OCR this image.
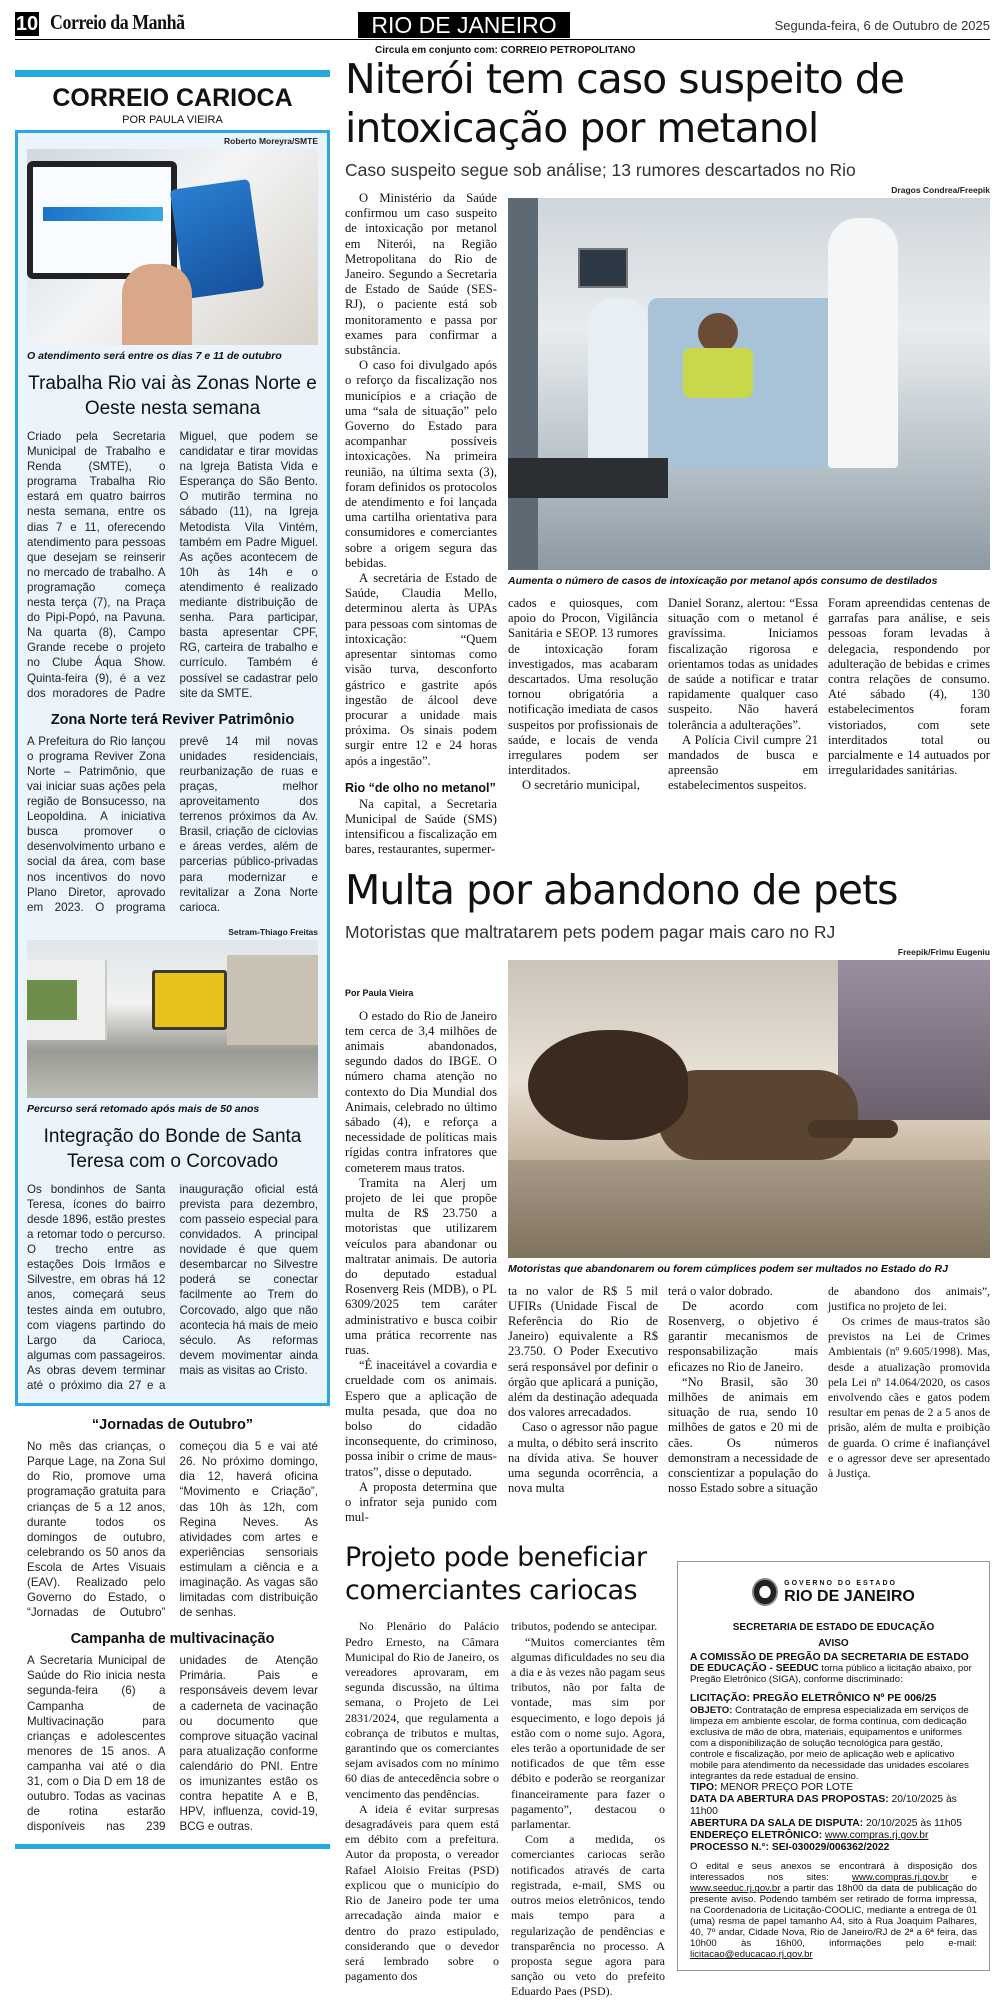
10 Correio da Manhã	RIO DE JANEIRO	Segunda-feira, 6 de Outubro de 2025
Circula em conjunto com: CORREIO PETROPOLITANO
CORREIO CARIOCA
POR PAULA VIEIRA
Roberto Moreyra/SMTE
O atendimento será entre os dias 7 e 11 de outubro
Trabalha Rio vai às Zonas Norte e Oeste nesta semana
Criado pela Secretaria Municipal de Trabalho e Renda (SMTE), o programa Trabalha Rio estará em quatro bairros nesta semana, entre os dias 7 e 11, oferecendo atendimento para pessoas que desejam se reinserir no mercado de trabalho. A programação começa nesta terça (7), na Praça do Pipi-Popó, na Pavuna. Na quarta (8), Campo Grande recebe o projeto no Clube Áqua Show. Quinta-feira (9), é a vez dos moradores de Padre Miguel, que podem se candidatar e tirar movidas na Igreja Batista Vida e Esperança do São Bento. O mutirão termina no sábado (11), na Igreja Metodista Vila Vintém, também em Padre Miguel. As ações acontecem de 10h às 14h e o atendimento é realizado mediante distribuição de senha. Para participar, basta apresentar CPF, RG, carteira de trabalho e currículo. Também é possível se cadastrar pelo site da SMTE.
Zona Norte terá Reviver Patrimônio
A Prefeitura do Rio lançou o programa Reviver Zona Norte – Patrimônio, que vai iniciar suas ações pela região de Bonsucesso, na Leopoldina. A iniciativa busca promover o desenvolvimento urbano e social da área, com base nos incentivos do novo Plano Diretor, aprovado em 2023. O programa prevê 14 mil novas unidades residenciais, reurbanização de ruas e praças, melhor aproveitamento dos terrenos próximos da Av. Brasil, criação de ciclovias e áreas verdes, além de parcerias público-privadas para modernizar e revitalizar a Zona Norte carioca.
Setram-Thiago Freitas
Percurso será retomado após mais de 50 anos
Integração do Bonde de Santa Teresa com o Corcovado
Os bondinhos de Santa Teresa, ícones do bairro desde 1896, estão prestes a retomar todo o percurso. O trecho entre as estações Dois Irmãos e Silvestre, em obras há 12 anos, começará seus testes ainda em outubro, com viagens partindo do Largo da Carioca, algumas com passageiros. As obras devem terminar até o próximo dia 27 e a inauguração oficial está prevista para dezembro, com passeio especial para convidados. A principal novidade é que quem desembarcar no Silvestre poderá se conectar facilmente ao Trem do Corcovado, algo que não acontecia há mais de meio século. As reformas devem movimentar ainda mais as visitas ao Cristo.
“Jornadas de Outubro”
No mês das crianças, o Parque Lage, na Zona Sul do Rio, promove uma programação gratuita para crianças de 5 a 12 anos, durante todos os domingos de outubro, celebrando os 50 anos da Escola de Artes Visuais (EAV). Realizado pelo Governo do Estado, o “Jornadas de Outubro” começou dia 5 e vai até 26. No próximo domingo, dia 12, haverá oficina “Movimento e Criação”, das 10h às 12h, com Regina Neves. As atividades com artes e experiências sensoriais estimulam a ciência e a imaginação. As vagas são limitadas com distribuição de senhas.
Campanha de multivacinação
A Secretaria Municipal de Saúde do Rio inicia nesta segunda-feira (6) a Campanha de Multivacinação para crianças e adolescentes menores de 15 anos. A campanha vai até o dia 31, com o Dia D em 18 de outubro. Todas as vacinas de rotina estarão disponíveis nas 239 unidades de Atenção Primária. Pais e responsáveis devem levar a caderneta de vacinação ou documento que comprove situação vacinal para atualização conforme calendário do PNI. Entre os imunizantes estão os contra hepatite A e B, HPV, influenza, covid-19, BCG e outras.
Niterói tem caso suspeito de intoxicação por metanol
Caso suspeito segue sob análise; 13 rumores descartados no Rio

O Ministério da Saúde confirmou um caso suspeito de intoxicação por metanol em Niterói, na Região Metropolitana do Rio de Janeiro. Segundo a Secretaria de Estado de Saúde (SES-RJ), o paciente está sob monitoramento e passa por exames para confirmar a substância.

O caso foi divulgado após o reforço da fiscalização nos municípios e a criação de uma “sala de situação” pelo Governo do Estado para acompanhar possíveis intoxicações. Na primeira reunião, na última sexta (3), foram definidos os protocolos de atendimento e foi lançada uma cartilha orientativa para consumidores e comerciantes sobre a origem segura das bebidas.

A secretária de Estado de Saúde, Claudia Mello, determinou alerta às UPAs para pessoas com sintomas de intoxicação: “Quem apresentar sintomas como visão turva, desconforto gástrico e gastrite após ingestão de álcool deve procurar a unidade mais próxima. Os sinais podem surgir entre 12 e 24 horas após a ingestão”.

Rio “de olho no metanol”

Na capital, a Secretaria Municipal de Saúde (SMS) intensificou a fiscalização em bares, restaurantes, supermer-

Dragos Condrea/Freepik
Aumenta o número de casos de intoxicação por metanol após consumo de destilados

cados e quiosques, com apoio do Procon, Vigilância Sanitária e SEOP. 13 rumores de intoxicação foram investigados, mas acabaram descartados. Uma resolução tornou obrigatória a notificação imediata de casos suspeitos por profissionais de saúde, e locais de venda irregulares podem ser interditados.

O secretário municipal,

Daniel Soranz, alertou: “Essa situação com o metanol é gravíssima. Iniciamos fiscalização rigorosa e orientamos todas as unidades de saúde a notificar e tratar rapidamente qualquer caso suspeito. Não haverá tolerância a adulterações”.

A Polícia Civil cumpre 21 mandados de busca e apreensão em estabelecimentos suspeitos.

Foram apreendidas centenas de garrafas para análise, e seis pessoas foram levadas à delegacia, respondendo por adulteração de bebidas e crimes contra relações de consumo. Até sábado (4), 130 estabelecimentos foram vistoriados, com sete interditados total ou parcialmente e 14 autuados por irregularidades sanitárias.

Multa por abandono de pets
Motoristas que maltratarem pets podem pagar mais caro no RJ
Por Paula Vieira

O estado do Rio de Janeiro tem cerca de 3,4 milhões de animais abandonados, segundo dados do IBGE. O número chama atenção no contexto do Dia Mundial dos Animais, celebrado no último sábado (4), e reforça a necessidade de políticas mais rígidas contra infratores que cometerem maus tratos.

Tramita na Alerj um projeto de lei que propõe multa de R$ 23.750 a motoristas que utilizarem veículos para abandonar ou maltratar animais. De autoria do deputado estadual Rosenverg Reis (MDB), o PL 6309/2025 tem caráter administrativo e busca coibir uma prática recorrente nas ruas.

“É inaceitável a covardia e crueldade com os animais. Espero que a aplicação de multa pesada, que doa no bolso do cidadão inconsequente, do criminoso, possa inibir o crime de maus-tratos”, disse o deputado.

A proposta determina que o infrator seja punido com mul-

Freepik/Frimu Eugeniu
Motoristas que abandonarem ou forem cúmplices podem ser multados no Estado do RJ

ta no valor de R$ 5 mil UFIRs (Unidade Fiscal de Referência do Rio de Janeiro) equivalente a R$ 23.750. O Poder Executivo será responsável por definir o órgão que aplicará a punição, além da destinação adequada dos valores arrecadados.

Caso o agressor não pague a multa, o débito será inscrito na dívida ativa. Se houver uma segunda ocorrência, a nova multa

terá o valor dobrado.

De acordo com Rosenverg, o objetivo é garantir mecanismos de responsabilização mais eficazes no Rio de Janeiro.

“No Brasil, são 30 milhões de animais em situação de rua, sendo 10 milhões de gatos e 20 mi de cães. Os números demonstram a necessidade de conscientizar a população do nosso Estado sobre a situação

de abandono dos animais”, justifica no projeto de lei.

Os crimes de maus-tratos são previstos na Lei de Crimes Ambientais (nº 9.605/1998). Mas, desde a atualização promovida pela Lei nº 14.064/2020, os casos envolvendo cães e gatos podem resultar em penas de 2 a 5 anos de prisão, além de multa e proibição de guarda. O crime é inafiançável e o agressor deve ser apresentado à Justiça.

Projeto pode beneficiar comerciantes cariocas

No Plenário do Palácio Pedro Ernesto, na Câmara Municipal do Rio de Janeiro, os vereadores aprovaram, em segunda discussão, na última semana, o Projeto de Lei 2831/2024, que regulamenta a cobrança de tributos e multas, garantindo que os comerciantes sejam avisados com no mínimo 60 dias de antecedência sobre o vencimento das pendências.

A ideia é evitar surpresas desagradáveis para quem está em débito com a prefeitura. Autor da proposta, o vereador Rafael Aloisio Freitas (PSD) explicou que o município do Rio de Janeiro pode ter uma arrecadação ainda maior e dentro do prazo estipulado, considerando que o devedor será lembrado sobre o pagamento dos

tributos, podendo se antecipar.

“Muitos comerciantes têm algumas dificuldades no seu dia a dia e às vezes não pagam seus tributos, não por falta de vontade, mas sim por esquecimento, e logo depois já estão com o nome sujo. Agora, eles terão a oportunidade de ser notificados de que têm esse débito e poderão se reorganizar financeiramente para fazer o pagamento”, destacou o parlamentar.

Com a medida, os comerciantes cariocas serão notificados através de carta registrada, e-mail, SMS ou outros meios eletrônicos, tendo mais tempo para a regularização de pendências e transparência no processo. A proposta segue agora para sanção ou veto do prefeito Eduardo Paes (PSD).

GOVERNO DO ESTADO
RIO DE JANEIRO
SECRETARIA DE ESTADO DE EDUCAÇÃO
AVISO
A COMISSÃO DE PREGÃO DA SECRETARIA DE ESTADO DE EDUCAÇÃO - SEEDUC torna público a licitação abaixo, por Pregão Eletrônico (SIGA), conforme discriminado:
LICITAÇÃO: PREGÃO ELETRÔNICO Nº PE 006/25
OBJETO: Contratação de empresa especializada em serviços de limpeza em ambiente escolar, de forma contínua, com dedicação exclusiva de mão de obra, materiais, equipamentos e uniformes com a disponibilização de solução tecnológica para gestão, controle e fiscalização, por meio de aplicação web e aplicativo mobile para atendimento da necessidade das unidades escolares integrantes da rede estadual de ensino.
TIPO: MENOR PREÇO POR LOTE
DATA DA ABERTURA DAS PROPOSTAS: 20/10/2025 às 11h00
ABERTURA DA SALA DE DISPUTA: 20/10/2025 às 11h05
ENDEREÇO ELETRÔNICO: www.compras.rj.gov.br
PROCESSO N.°: SEI-030029/006362/2022
O edital e seus anexos se encontrará à disposição dos interessados nos sites: www.compras.rj.gov.br e www.seeduc.rj.gov.br a partir das 18h00 da data de publicação do presente aviso. Podendo também ser retirado de forma impressa, na Coordenadoria de Licitação-COOLIC, mediante a entrega de 01 (uma) resma de papel tamanho A4, sito à Rua Joaquim Palhares, 40, 7º andar, Cidade Nova, Rio de Janeiro/RJ de 2ª a 6ª feira, das 10h00 às 16h00, informações pelo e-mail: licitacao@educacao.rj.gov.br
